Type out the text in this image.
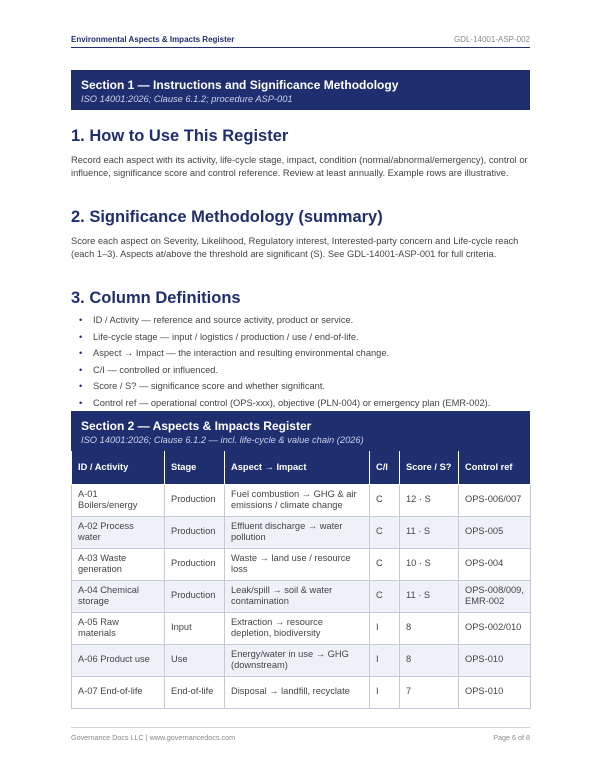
Environmental Aspects & Impacts Register	GDL-14001-ASP-002
Section 1 — Instructions and Significance Methodology
ISO 14001:2026; Clause 6.1.2; procedure ASP-001
1. How to Use This Register

Record each aspect with its activity, life-cycle stage, impact, condition (normal/abnormal/emergency), control or influence, significance score and control reference. Review at least annually. Example rows are illustrative.

2. Significance Methodology (summary)

Score each aspect on Severity, Likelihood, Regulatory interest, Interested-party concern and Life-cycle reach (each 1–3). Aspects at/above the threshold are significant (S). See GDL-14001-ASP-001 for full criteria.

3. Column Definitions
• ID / Activity — reference and source activity, product or service.
• Life-cycle stage — input / logistics / production / use / end-of-life.
• Aspect → Impact — the interaction and resulting environmental change.
• C/I — controlled or influenced.
• Score / S? — significance score and whether significant.
• Control ref — operational control (OPS-xxx), objective (PLN-004) or emergency plan (EMR-002).
Section 2 — Aspects & Impacts Register
ISO 14001:2026; Clause 6.1.2 — incl. life-cycle & value chain (2026)
ID / Activity	Stage	Aspect → Impact	C/I	Score / S?	Control ref
A-01 Boilers/energy	Production	Fuel combustion → GHG & air emissions / climate change	C	12 · S	OPS-006/007
A-02 Process water	Production	Effluent discharge → water pollution	C	11 · S	OPS-005
A-03 Waste generation	Production	Waste → land use / resource loss	C	10 · S	OPS-004
A-04 Chemical storage	Production	Leak/spill → soil & water contamination	C	11 · S	OPS-008/009, EMR-002
A-05 Raw materials	Input	Extraction → resource depletion, biodiversity	I	8	OPS-002/010
A-06 Product use	Use	Energy/water in use → GHG (downstream)	I	8	OPS-010
A-07 End-of-life	End-of-life	Disposal → landfill, recyclate	I	7	OPS-010
Governance Docs LLC | www.governancedocs.com	Page 6 of 8
